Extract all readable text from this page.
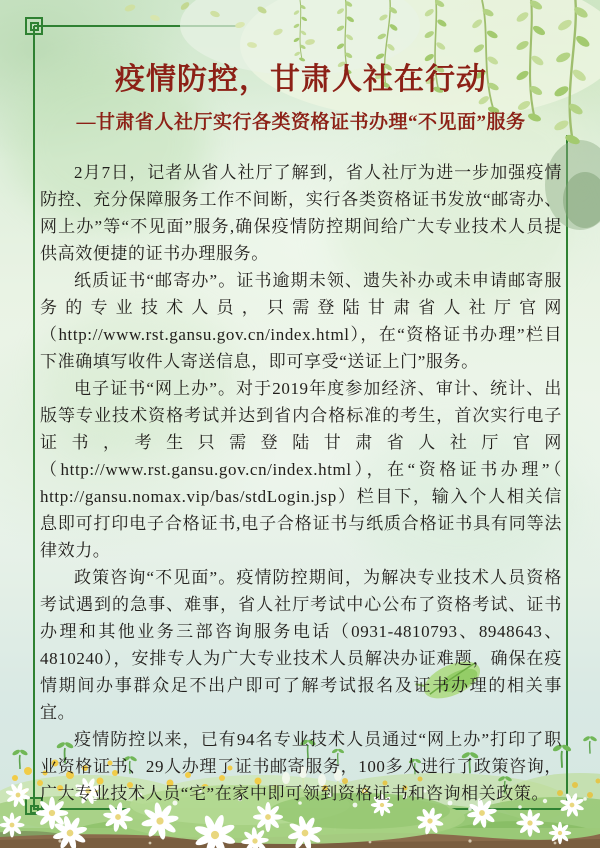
疫情防控，甘肃人社在行动
—甘肃省人社厅实行各类资格证书办理“不见面”服务

2月7日，记者从省人社厅了解到，省人社厅为进一步加强疫情防控、充分保障服务工作不间断，实行各类资格证书发放“邮寄办、网上办”等“不见面”服务,确保疫情防控期间给广大专业技术人员提供高效便捷的证书办理服务。

纸质证书“邮寄办”。证书逾期未领、遗失补办或未申请邮寄服务的专业技术人员，只需登陆甘肃省人社厅官网（http://www.rst.gansu.gov.cn/index.html），在“资格证书办理”栏目下准确填写收件人寄送信息，即可享受“送证上门”服务。

电子证书“网上办”。对于2019年度参加经济、审计、统计、出版等专业技术资格考试并达到省内合格标准的考生，首次实行电子证书，考生只需登陆甘肃省人社厅官网（http://www.rst.gansu.gov.cn/index.html），在“资格证书办理”（ http://gansu.nomax.vip/bas/stdLogin.jsp）栏目下，输入个人相关信息即可打印电子合格证书,电子合格证书与纸质合格证书具有同等法律效力。

政策咨询“不见面”。疫情防控期间，为解决专业技术人员资格考试遇到的急事、难事，省人社厅考试中心公布了资格考试、证书办理和其他业务三部咨询服务电话（0931-4810793、8948643、4810240），安排专人为广大专业技术人员解决办证难题，确保在疫情期间办事群众足不出户即可了解考试报名及证书办理的相关事宜。

疫情防控以来，已有94名专业技术人员通过“网上办”打印了职业资格证书、29人办理了证书邮寄服务，100多人进行了政策咨询，广大专业技术人员“宅”在家中即可领到资格证书和咨询相关政策。
